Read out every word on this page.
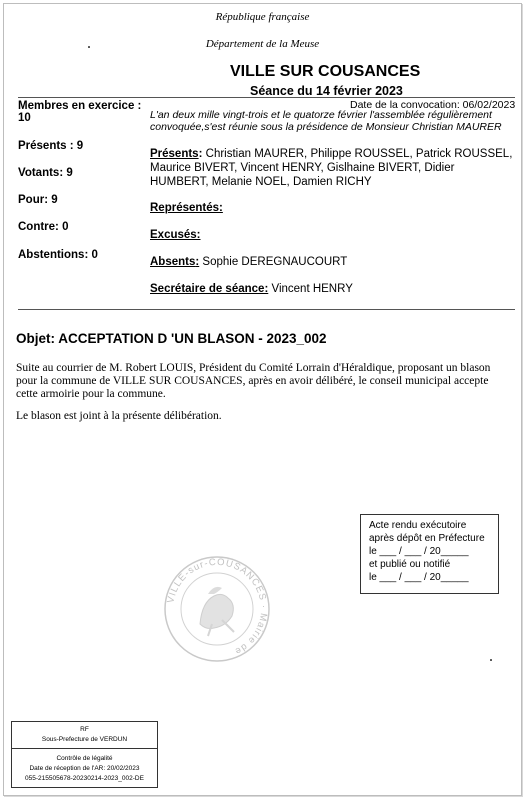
République française
Département de la Meuse
VILLE SUR COUSANCES
Séance du 14 février 2023
Membres en exercice :
10
Présents : 9
Votants: 9
Pour: 9
Contre: 0
Abstentions: 0
Date de la convocation: 06/02/2023
L'an deux mille vingt-trois et le quatorze février l'assemblée régulièrement convoquée,s'est réunie sous la présidence de Monsieur Christian MAURER
Présents: Christian MAURER, Philippe ROUSSEL, Patrick ROUSSEL, Maurice BIVERT, Vincent HENRY, Gislhaine BIVERT, Didier HUMBERT, Melanie NOEL, Damien RICHY
Représentés:
Excusés:
Absents: Sophie DEREGNAUCOURT
Secrétaire de séance: Vincent HENRY
Objet: ACCEPTATION D 'UN BLASON - 2023_002
Suite au courrier de M. Robert LOUIS, Président du Comité Lorrain d'Héraldique, proposant un blason pour la commune de VILLE SUR COUSANCES, après en avoir délibéré, le conseil municipal accepte cette armoirie pour la commune.
Le blason est joint à la présente délibération.
Acte rendu exécutoire
après dépôt en Préfecture
le ___ / ___ / 20_____
et publié ou notifié
le ___ / ___ / 20_____
VILLE-sur-COUSANCES · Mairie de
RF
Sous-Prefecture de VERDUN
Contrôle de légalité
Date de réception de l'AR: 20/02/2023
055-215505678-20230214-2023_002-DE
